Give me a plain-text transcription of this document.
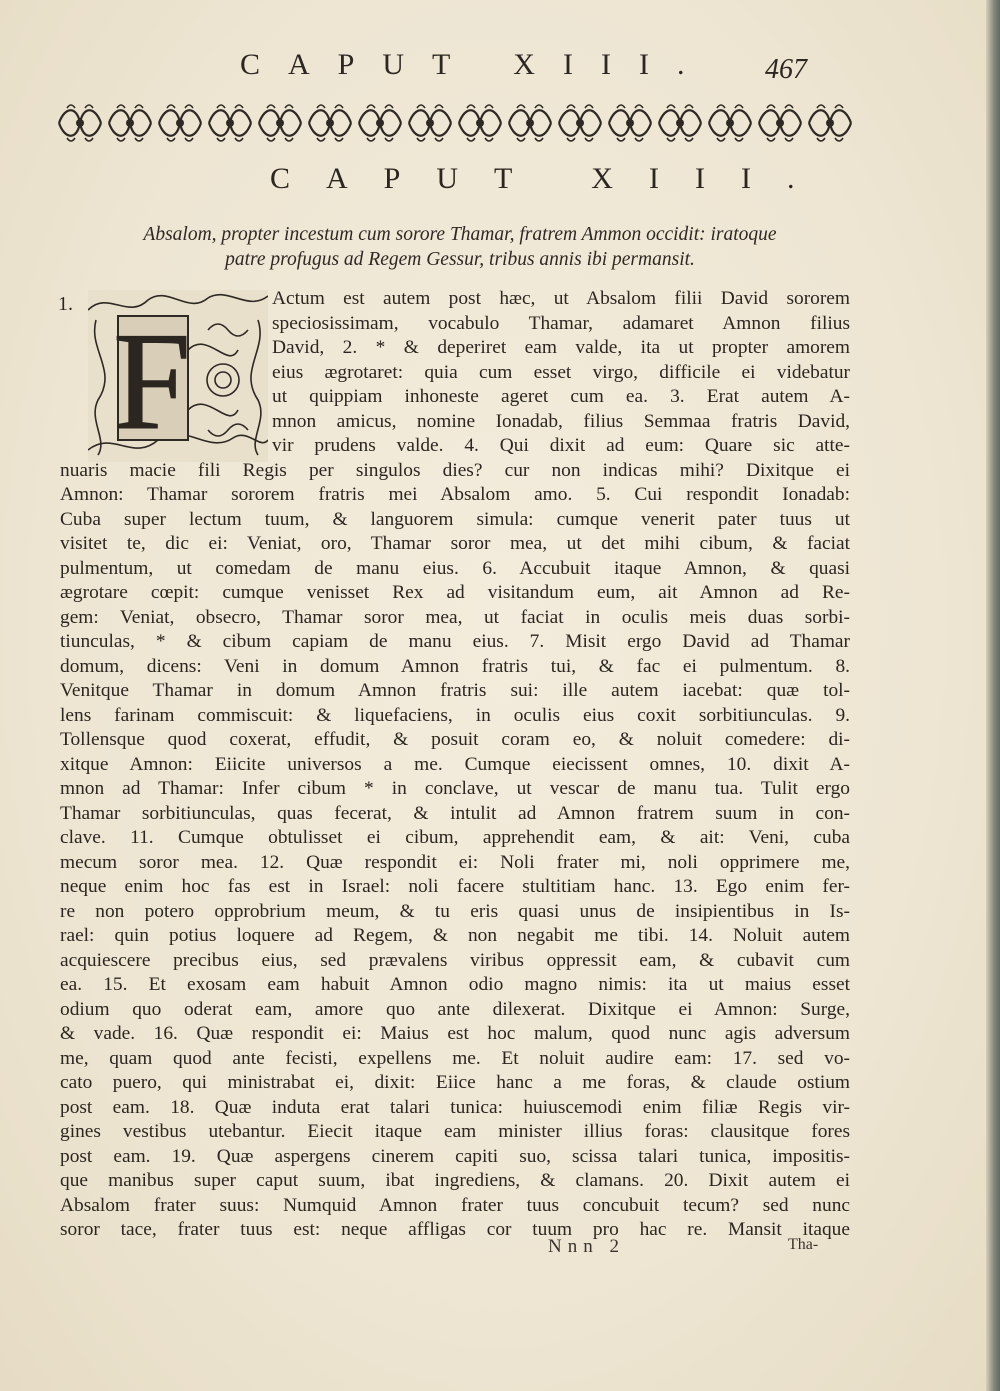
CAPUT XIII. 467
CAPUT XIII.
Absalom, propter incestum cum sorore Thamar, fratrem Ammon occidit: iratoque
patre profugus ad Regem Gessur, tribus annis ibi permansit.
1. F
Actum est autem post hæc, ut Absalom filii David sororem
speciosissimam, vocabulo Thamar, adamaret Amnon filius
David, 2. * & deperiret eam valde, ita ut propter amorem
eius ægrotaret: quia cum esset virgo, difficile ei videbatur
ut quippiam inhoneste ageret cum ea. 3. Erat autem A-
mnon amicus, nomine Ionadab, filius Semmaa fratris David,
vir prudens valde. 4. Qui dixit ad eum: Quare sic atte-
nuaris macie fili Regis per singulos dies? cur non indicas mihi? Dixitque ei
Amnon: Thamar sororem fratris mei Absalom amo. 5. Cui respondit Ionadab:
Cuba super lectum tuum, & languorem simula: cumque venerit pater tuus ut
visitet te, dic ei: Veniat, oro, Thamar soror mea, ut det mihi cibum, & faciat
pulmentum, ut comedam de manu eius. 6. Accubuit itaque Amnon, & quasi
ægrotare cœpit: cumque venisset Rex ad visitandum eum, ait Amnon ad Re-
gem: Veniat, obsecro, Thamar soror mea, ut faciat in oculis meis duas sorbi-
tiunculas, * & cibum capiam de manu eius. 7. Misit ergo David ad Thamar
domum, dicens: Veni in domum Amnon fratris tui, & fac ei pulmentum. 8.
Venitque Thamar in domum Amnon fratris sui: ille autem iacebat: quæ tol-
lens farinam commiscuit: & liquefaciens, in oculis eius coxit sorbitiunculas. 9.
Tollensque quod coxerat, effudit, & posuit coram eo, & noluit comedere: di-
xitque Amnon: Eiicite universos a me. Cumque eiecissent omnes, 10. dixit A-
mnon ad Thamar: Infer cibum * in conclave, ut vescar de manu tua. Tulit ergo
Thamar sorbitiunculas, quas fecerat, & intulit ad Amnon fratrem suum in con-
clave. 11. Cumque obtulisset ei cibum, apprehendit eam, & ait: Veni, cuba
mecum soror mea. 12. Quæ respondit ei: Noli frater mi, noli opprimere me,
neque enim hoc fas est in Israel: noli facere stultitiam hanc. 13. Ego enim fer-
re non potero opprobrium meum, & tu eris quasi unus de insipientibus in Is-
rael: quin potius loquere ad Regem, & non negabit me tibi. 14. Noluit autem
acquiescere precibus eius, sed prævalens viribus oppressit eam, & cubavit cum
ea. 15. Et exosam eam habuit Amnon odio magno nimis: ita ut maius esset
odium quo oderat eam, amore quo ante dilexerat. Dixitque ei Amnon: Surge,
& vade. 16. Quæ respondit ei: Maius est hoc malum, quod nunc agis adversum
me, quam quod ante fecisti, expellens me. Et noluit audire eam: 17. sed vo-
cato puero, qui ministrabat ei, dixit: Eiice hanc a me foras, & claude ostium
post eam. 18. Quæ induta erat talari tunica: huiuscemodi enim filiæ Regis vir-
gines vestibus utebantur. Eiecit itaque eam minister illius foras: clausitque fores
post eam. 19. Quæ aspergens cinerem capiti suo, scissa talari tunica, impositis-
que manibus super caput suum, ibat ingrediens, & clamans. 20. Dixit autem ei
Absalom frater suus: Numquid Amnon frater tuus concubuit tecum? sed nunc
soror tace, frater tuus est: neque affligas cor tuum pro hac re. Mansit itaque
Nnn 2	Tha-
